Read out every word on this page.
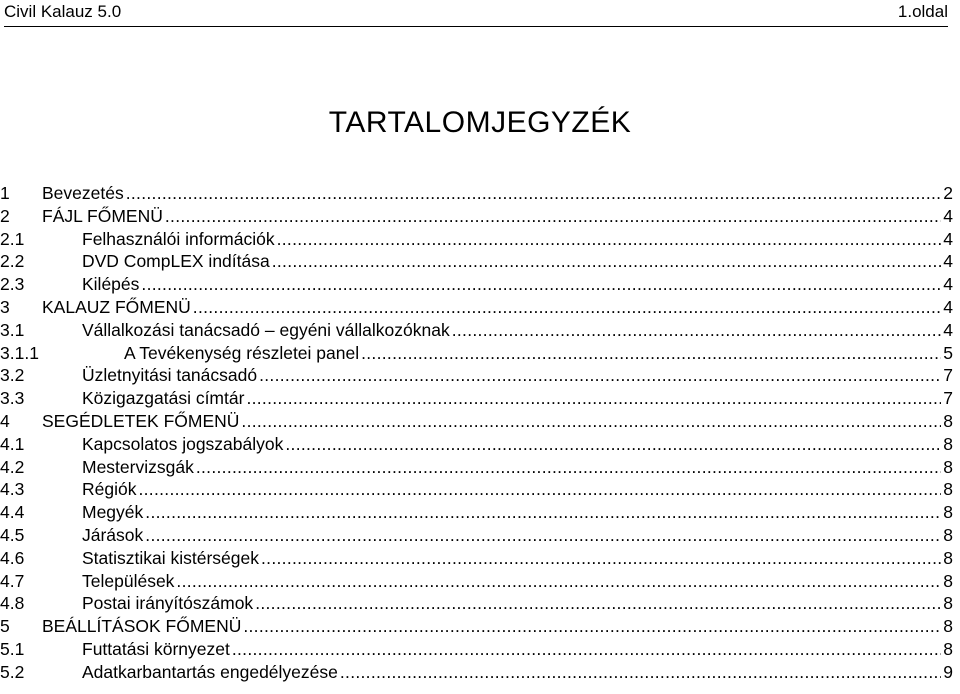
Civil Kalauz 5.0	1.oldal
TARTALOMJEGYZÉK
1 Bevezetés .....	2
2 FÁJL FŐMENÜ .....	4
2.1	Felhasználói információk .....	4
2.2	DVD CompLEX indítása .....	4
2.3	Kilépés .....	4
3 KALAUZ FŐMENÜ .....	4
3.1	Vállalkozási tanácsadó – egyéni vállalkozóknak .....	4
3.1.1	A Tevékenység részletei panel .....	5
3.2	Üzletnyitási tanácsadó .....	7
3.3	Közigazgatási címtár .....	7
4 SEGÉDLETEK FŐMENÜ .....	8
4.1	Kapcsolatos jogszabályok .....	8
4.2	Mestervizsgák .....	8
4.3	Régiók .....	8
4.4	Megyék .....	8
4.5	Járások .....	8
4.6	Statisztikai kistérségek .....	8
4.7	Települések .....	8
4.8	Postai irányítószámok .....	8
5 BEÁLLÍTÁSOK FŐMENÜ .....	8
5.1	Futtatási környezet .....	8
5.2	Adatkarbantartás engedélyezése .....	9
